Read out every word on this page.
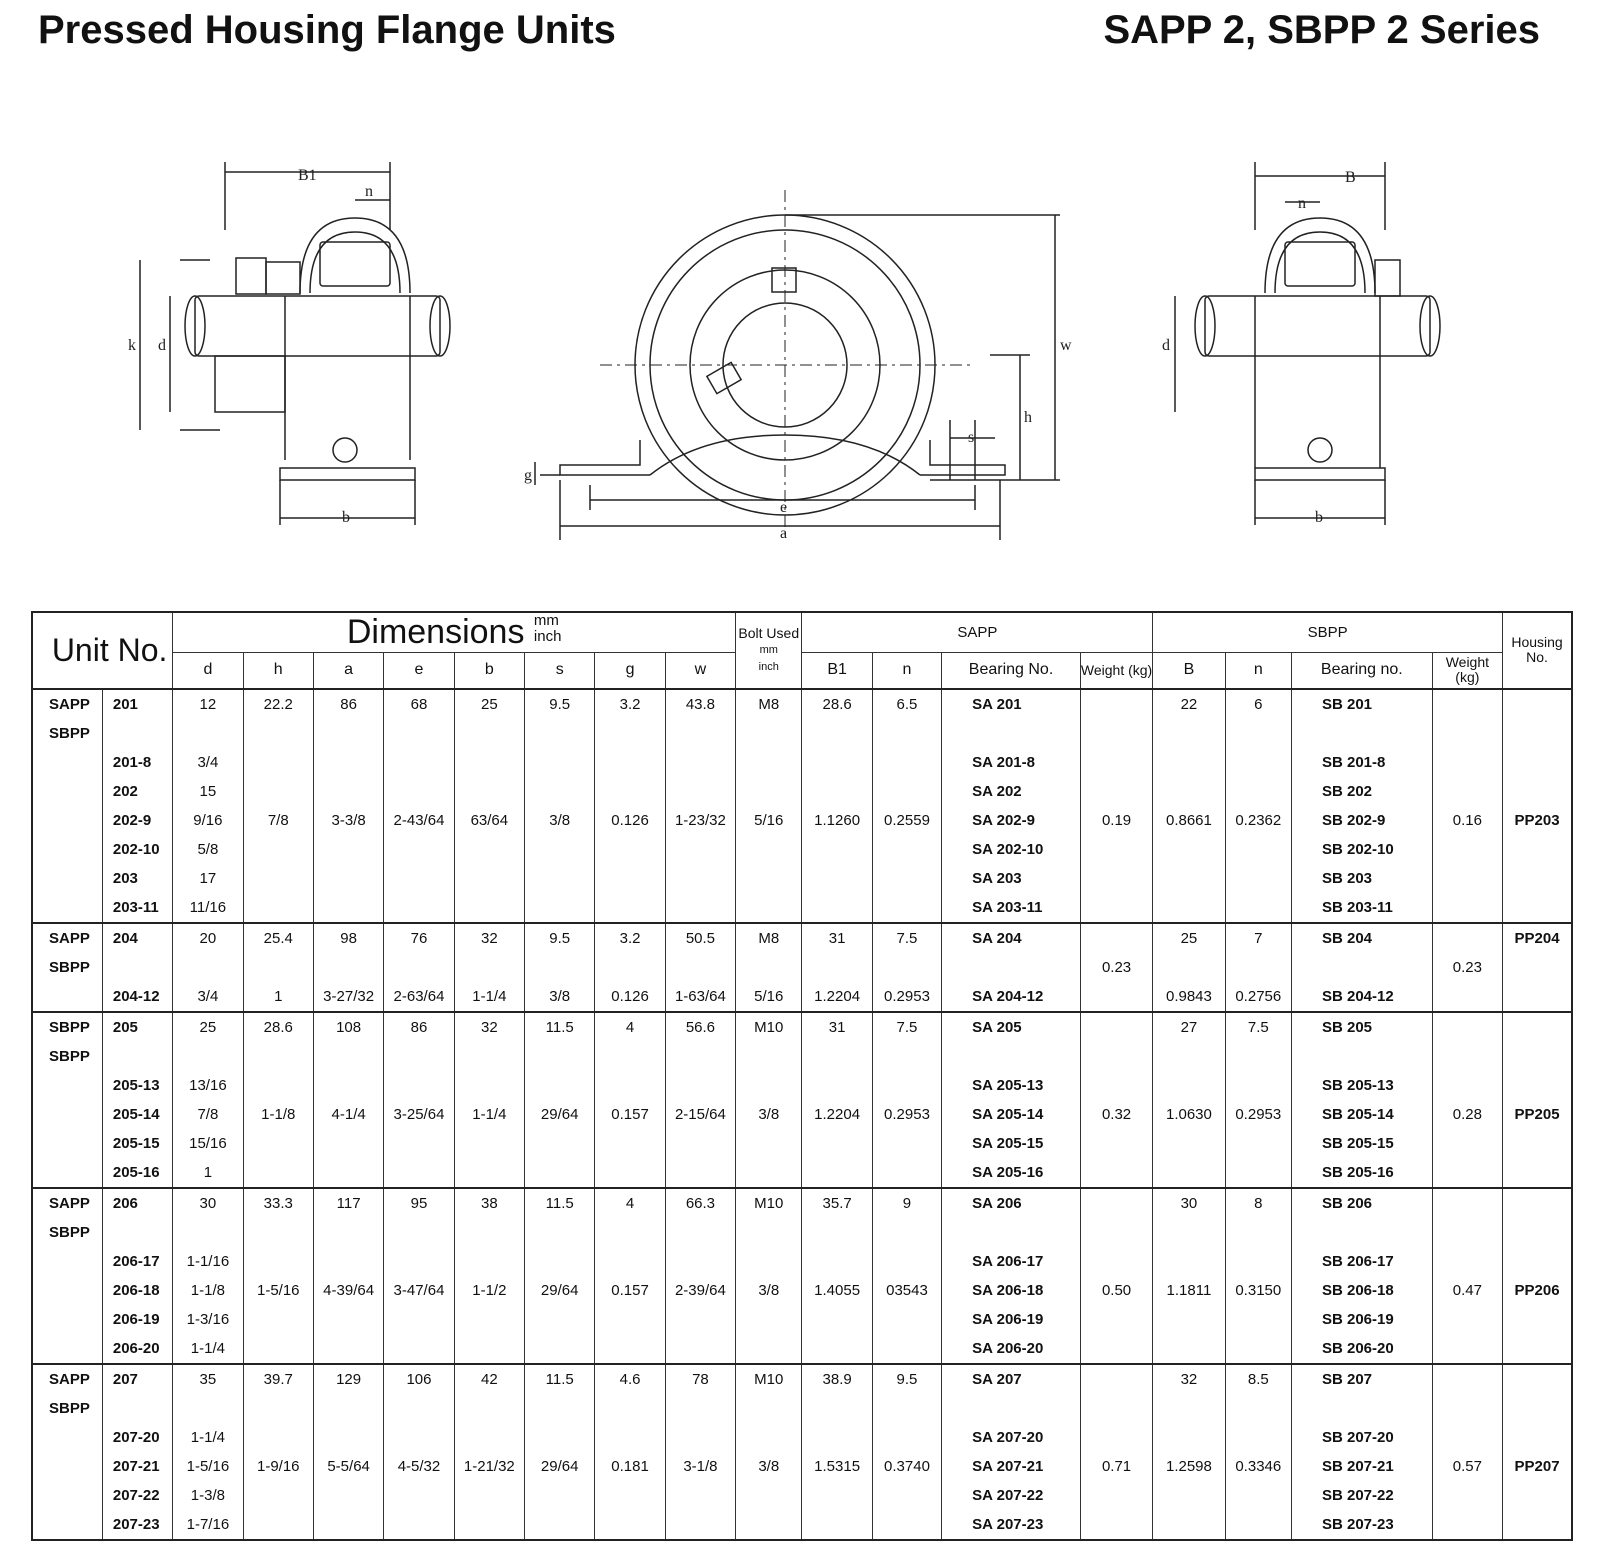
Pressed Housing Flange Units	SAPP 2, SBPP 2 Series
B1
n
k d
b
g
e
a
s
h
w
B
n
d
b
Unit No.		Dimensions mm
inch								Bolt Used
mm
inch	SAPP				SBPP				Housing No.
		d	h	a	e	b	s	g	w		B1	n	Bearing No.	Weight (kg)	B	n	Bearing no.	Weight (kg)	
SAPP	201	12	22.2	86	68	25	9.5	3.2	43.8	M8	28.6	6.5	SA 201		22	6	SB 201		
SBPP																			
	201-8	3/4											SA 201-8				SB 201-8		
	202	15											SA 202				SB 202		
	202-9	9/16	7/8	3-3/8	2-43/64	63/64	3/8	0.126	1-23/32	5/16	1.1260	0.2559	SA 202-9	0.19	0.8661	0.2362	SB 202-9	0.16	PP203
	202-10	5/8											SA 202-10				SB 202-10		
	203	17											SA 203				SB 203		
	203-11	11/16											SA 203-11				SB 203-11		
SAPP	204	20	25.4	98	76	32	9.5	3.2	50.5	M8	31	7.5	SA 204		25	7	SB 204		PP204
SBPP														0.23				0.23	
	204-12	3/4	1	3-27/32	2-63/64	1-1/4	3/8	0.126	1-63/64	5/16	1.2204	0.2953	SA 204-12		0.9843	0.2756	SB 204-12		
SBPP	205	25	28.6	108	86	32	11.5	4	56.6	M10	31	7.5	SA 205		27	7.5	SB 205		
SBPP																			
	205-13	13/16											SA 205-13				SB 205-13		
	205-14	7/8	1-1/8	4-1/4	3-25/64	1-1/4	29/64	0.157	2-15/64	3/8	1.2204	0.2953	SA 205-14	0.32	1.0630	0.2953	SB 205-14	0.28	PP205
	205-15	15/16											SA 205-15				SB 205-15		
	205-16	1											SA 205-16				SB 205-16		
SAPP	206	30	33.3	117	95	38	11.5	4	66.3	M10	35.7	9	SA 206		30	8	SB 206		
SBPP																			
	206-17	1-1/16											SA 206-17				SB 206-17		
	206-18	1-1/8	1-5/16	4-39/64	3-47/64	1-1/2	29/64	0.157	2-39/64	3/8	1.4055	03543	SA 206-18	0.50	1.1811	0.3150	SB 206-18	0.47	PP206
	206-19	1-3/16											SA 206-19				SB 206-19		
	206-20	1-1/4											SA 206-20				SB 206-20		
SAPP	207	35	39.7	129	106	42	11.5	4.6	78	M10	38.9	9.5	SA 207		32	8.5	SB 207		
SBPP																			
	207-20	1-1/4											SA 207-20				SB 207-20		
	207-21	1-5/16	1-9/16	5-5/64	4-5/32	1-21/32	29/64	0.181	3-1/8	3/8	1.5315	0.3740	SA 207-21	0.71	1.2598	0.3346	SB 207-21	0.57	PP207
	207-22	1-3/8											SA 207-22				SB 207-22		
	207-23	1-7/16											SA 207-23				SB 207-23		
